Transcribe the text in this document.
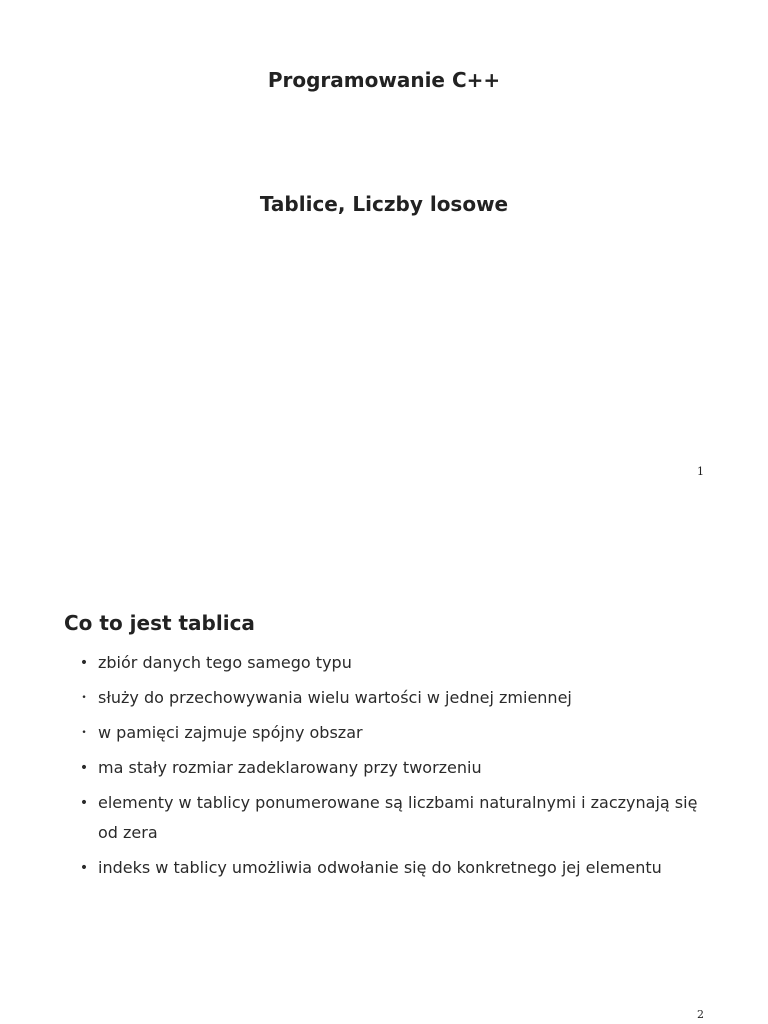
Programowanie C++
Tablice, Liczby losowe
1
Co to jest tablica
• zbiór danych tego samego typu
• służy do przechowywania wielu wartości w jednej zmiennej
• w pamięci zajmuje spójny obszar
• ma stały rozmiar zadeklarowany przy tworzeniu
• elementy w tablicy ponumerowane są liczbami naturalnymi i zaczynają się od zera
• indeks w tablicy umożliwia odwołanie się do konkretnego jej elementu
2
